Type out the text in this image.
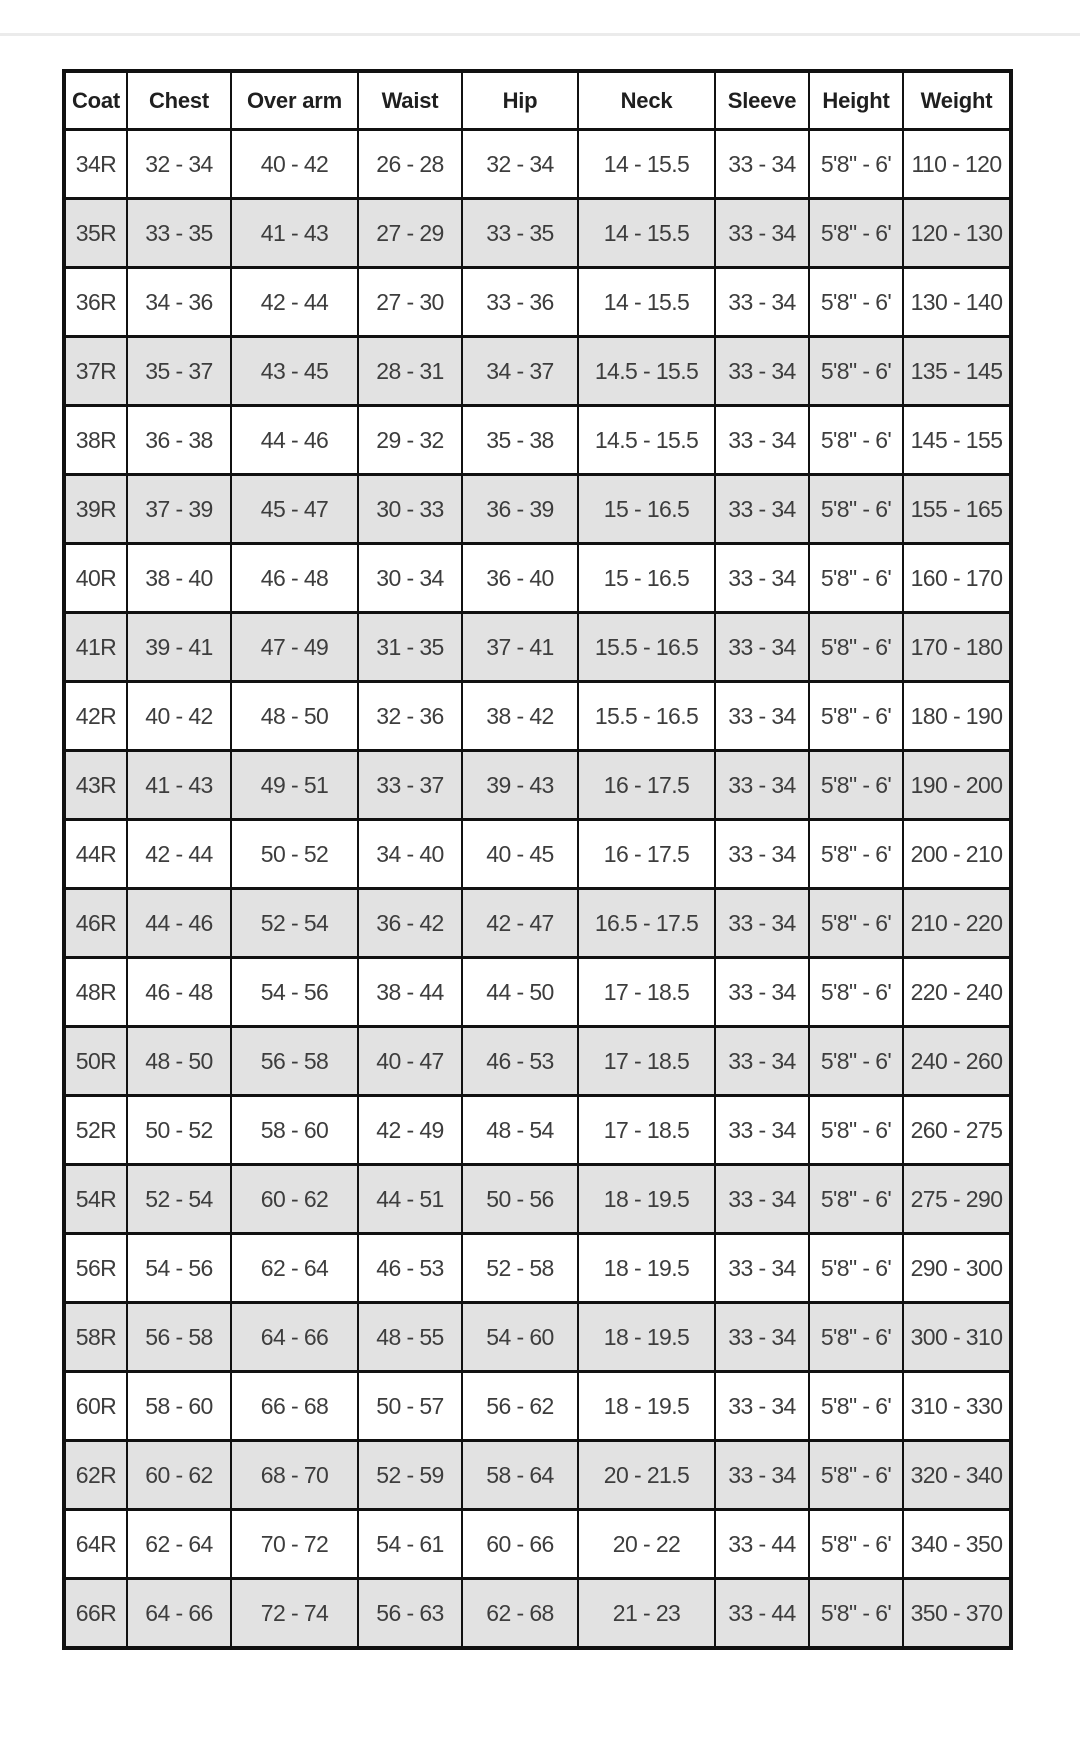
Coat	Chest	Over arm	Waist	Hip	Neck	Sleeve	Height	Weight
34R	32 - 34	40 - 42	26 - 28	32 - 34	14 - 15.5	33 - 34	5'8" - 6'	110 - 120
35R	33 - 35	41 - 43	27 - 29	33 - 35	14 - 15.5	33 - 34	5'8" - 6'	120 - 130
36R	34 - 36	42 - 44	27 - 30	33 - 36	14 - 15.5	33 - 34	5'8" - 6'	130 - 140
37R	35 - 37	43 - 45	28 - 31	34 - 37	14.5 - 15.5	33 - 34	5'8" - 6'	135 - 145
38R	36 - 38	44 - 46	29 - 32	35 - 38	14.5 - 15.5	33 - 34	5'8" - 6'	145 - 155
39R	37 - 39	45 - 47	30 - 33	36 - 39	15 - 16.5	33 - 34	5'8" - 6'	155 - 165
40R	38 - 40	46 - 48	30 - 34	36 - 40	15 - 16.5	33 - 34	5'8" - 6'	160 - 170
41R	39 - 41	47 - 49	31 - 35	37 - 41	15.5 - 16.5	33 - 34	5'8" - 6'	170 - 180
42R	40 - 42	48 - 50	32 - 36	38 - 42	15.5 - 16.5	33 - 34	5'8" - 6'	180 - 190
43R	41 - 43	49 - 51	33 - 37	39 - 43	16 - 17.5	33 - 34	5'8" - 6'	190 - 200
44R	42 - 44	50 - 52	34 - 40	40 - 45	16 - 17.5	33 - 34	5'8" - 6'	200 - 210
46R	44 - 46	52 - 54	36 - 42	42 - 47	16.5 - 17.5	33 - 34	5'8" - 6'	210 - 220
48R	46 - 48	54 - 56	38 - 44	44 - 50	17 - 18.5	33 - 34	5'8" - 6'	220 - 240
50R	48 - 50	56 - 58	40 - 47	46 - 53	17 - 18.5	33 - 34	5'8" - 6'	240 - 260
52R	50 - 52	58 - 60	42 - 49	48 - 54	17 - 18.5	33 - 34	5'8" - 6'	260 - 275
54R	52 - 54	60 - 62	44 - 51	50 - 56	18 - 19.5	33 - 34	5'8" - 6'	275 - 290
56R	54 - 56	62 - 64	46 - 53	52 - 58	18 - 19.5	33 - 34	5'8" - 6'	290 - 300
58R	56 - 58	64 - 66	48 - 55	54 - 60	18 - 19.5	33 - 34	5'8" - 6'	300 - 310
60R	58 - 60	66 - 68	50 - 57	56 - 62	18 - 19.5	33 - 34	5'8" - 6'	310 - 330
62R	60 - 62	68 - 70	52 - 59	58 - 64	20 - 21.5	33 - 34	5'8" - 6'	320 - 340
64R	62 - 64	70 - 72	54 - 61	60 - 66	20 - 22	33 - 44	5'8" - 6'	340 - 350
66R	64 - 66	72 - 74	56 - 63	62 - 68	21 - 23	33 - 44	5'8" - 6'	350 - 370
